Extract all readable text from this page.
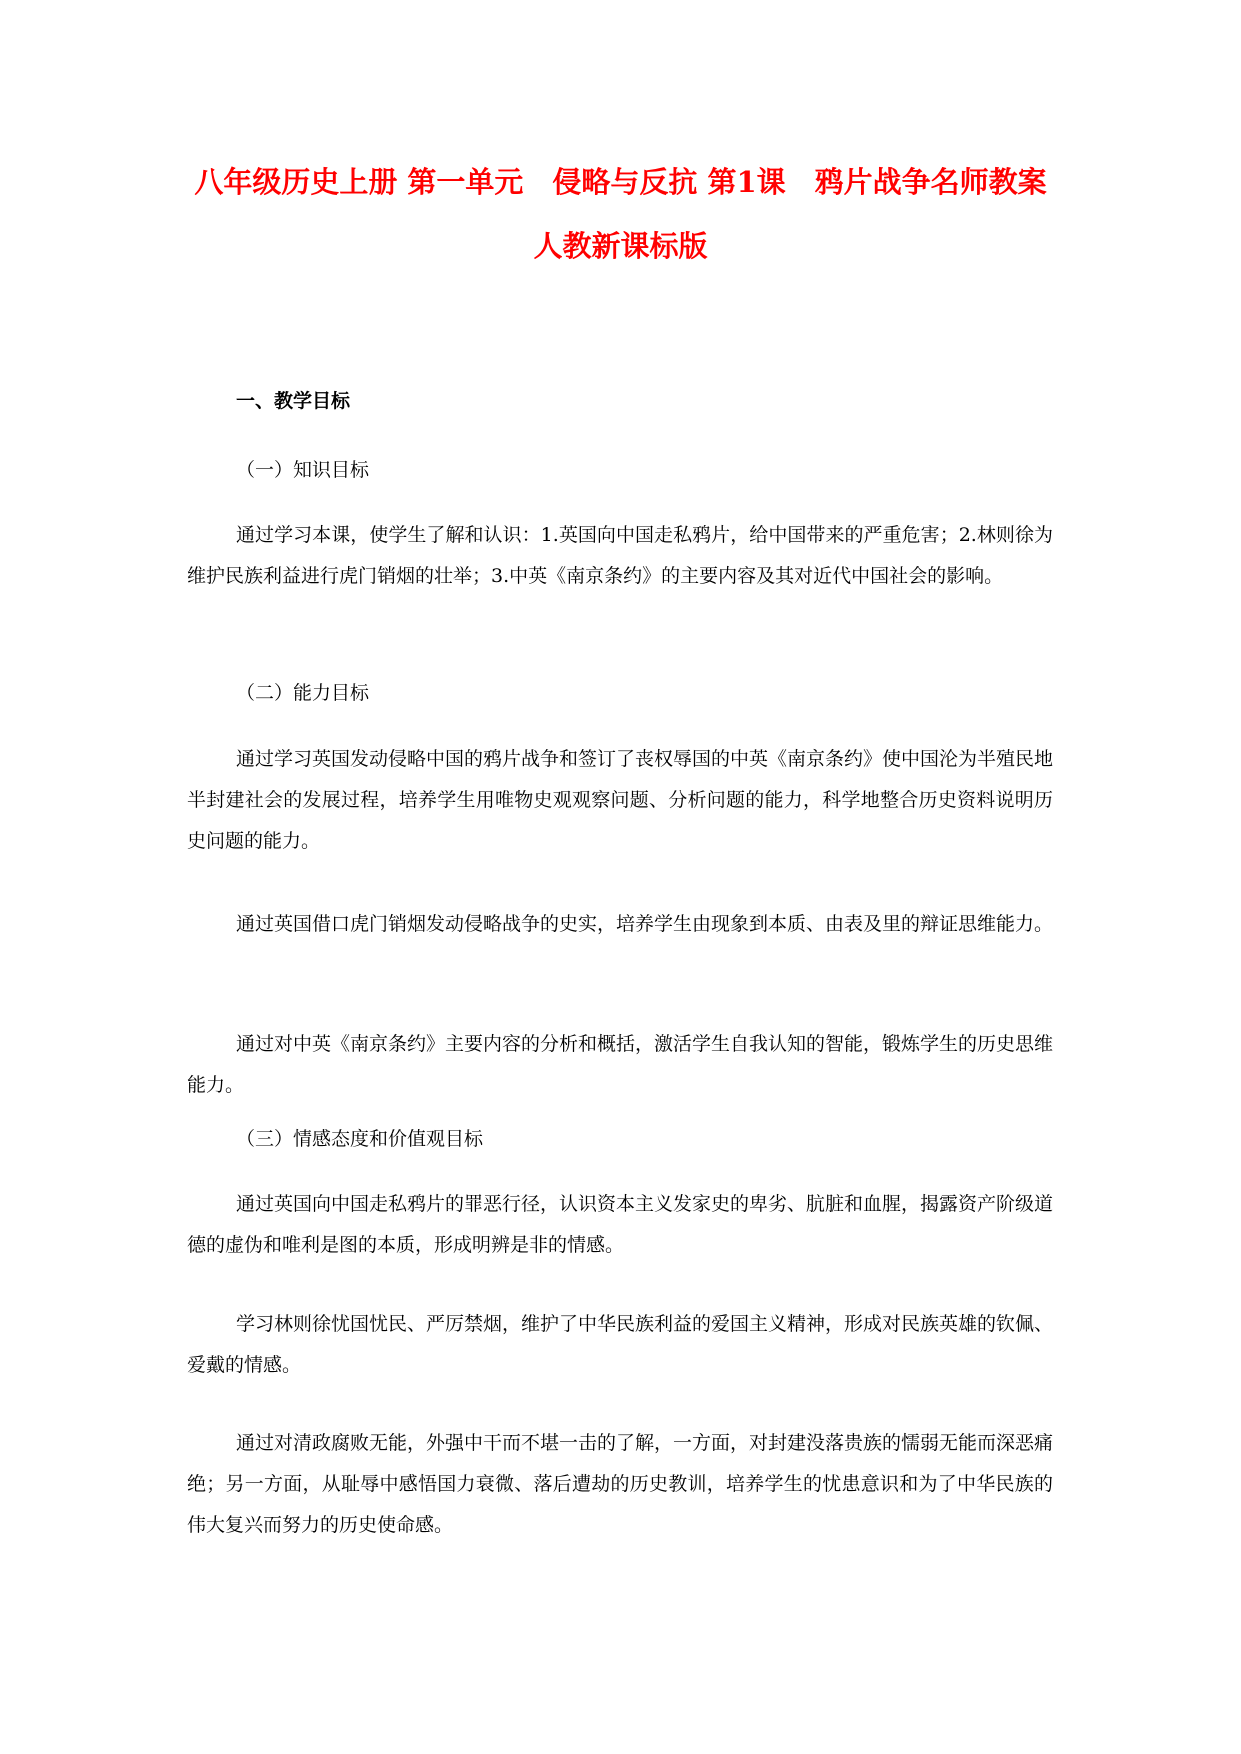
八年级历史上册 第一单元　侵略与反抗 第1课　鸦片战争名师教案
人教新课标版
一、教学目标
（一）知识目标

通过学习本课，使学生了解和认识：1.英国向中国走私鸦片，给中国带来的严重危害；2.林则徐为维护民族利益进行虎门销烟的壮举；3.中英《南京条约》的主要内容及其对近代中国社会的影响。

（二）能力目标

通过学习英国发动侵略中国的鸦片战争和签订了丧权辱国的中英《南京条约》使中国沦为半殖民地半封建社会的发展过程，培养学生用唯物史观观察问题、分析问题的能力，科学地整合历史资料说明历史问题的能力。

通过英国借口虎门销烟发动侵略战争的史实，培养学生由现象到本质、由表及里的辩证思维能力。

通过对中英《南京条约》主要内容的分析和概括，激活学生自我认知的智能，锻炼学生的历史思维能力。

（三）情感态度和价值观目标

通过英国向中国走私鸦片的罪恶行径，认识资本主义发家史的卑劣、肮脏和血腥，揭露资产阶级道德的虚伪和唯利是图的本质，形成明辨是非的情感。

学习林则徐忧国忧民、严厉禁烟，维护了中华民族利益的爱国主义精神，形成对民族英雄的钦佩、爱戴的情感。

通过对清政腐败无能，外强中干而不堪一击的了解，一方面，对封建没落贵族的懦弱无能而深恶痛绝；另一方面，从耻辱中感悟国力衰微、落后遭劫的历史教训，培养学生的忧患意识和为了中华民族的伟大复兴而努力的历史使命感。
